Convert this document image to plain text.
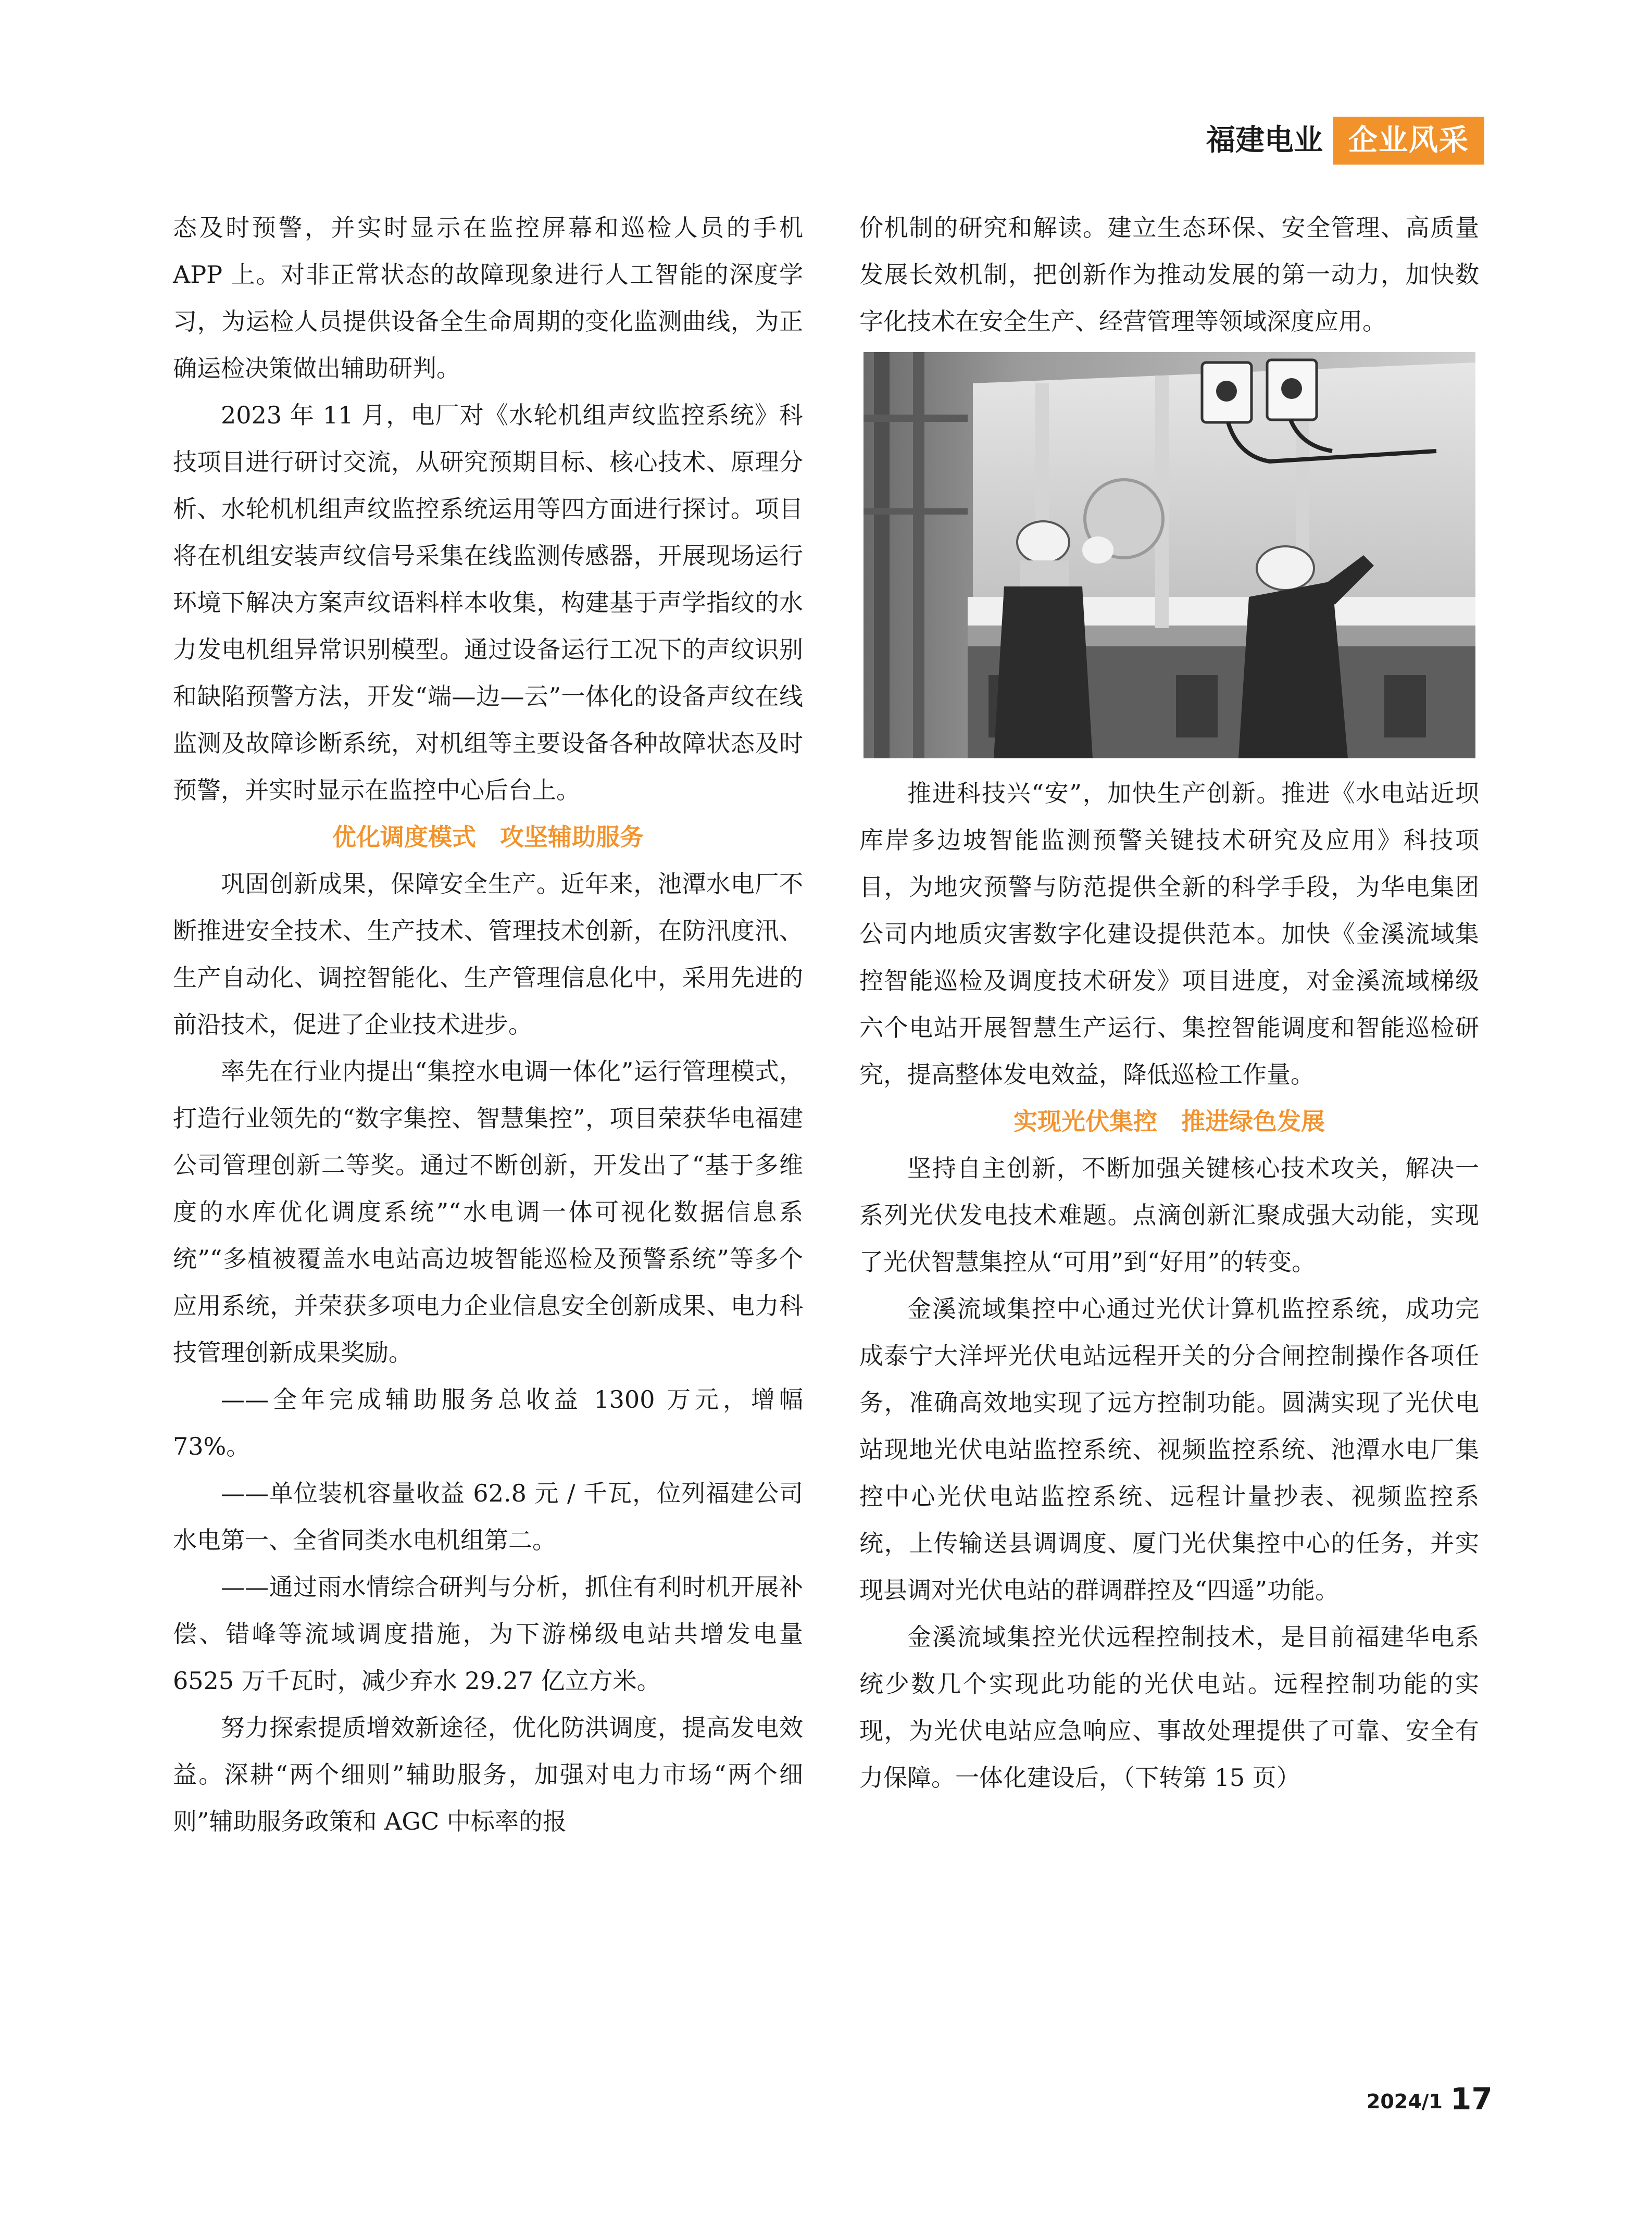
福建电业 企业风采

态及时预警，并实时显示在监控屏幕和巡检人员的手机 APP 上。对非正常状态的故障现象进行人工智能的深度学习，为运检人员提供设备全生命周期的变化监测曲线，为正确运检决策做出辅助研判。

2023 年 11 月，电厂对《水轮机组声纹监控系统》科技项目进行研讨交流，从研究预期目标、核心技术、原理分析、水轮机机组声纹监控系统运用等四方面进行探讨。项目将在机组安装声纹信号采集在线监测传感器，开展现场运行环境下解决方案声纹语料样本收集，构建基于声学指纹的水力发电机组异常识别模型。通过设备运行工况下的声纹识别和缺陷预警方法，开发“端—边—云”一体化的设备声纹在线监测及故障诊断系统，对机组等主要设备各种故障状态及时预警，并实时显示在监控中心后台上。

优化调度模式　攻坚辅助服务

巩固创新成果，保障安全生产。近年来，池潭水电厂不断推进安全技术、生产技术、管理技术创新，在防汛度汛、生产自动化、调控智能化、生产管理信息化中，采用先进的前沿技术，促进了企业技术进步。

率先在行业内提出“集控水电调一体化”运行管理模式，打造行业领先的“数字集控、智慧集控”，项目荣获华电福建公司管理创新二等奖。通过不断创新，开发出了“基于多维度的水库优化调度系统”“水电调一体可视化数据信息系统”“多植被覆盖水电站高边坡智能巡检及预警系统”等多个应用系统，并荣获多项电力企业信息安全创新成果、电力科技管理创新成果奖励。

——全年完成辅助服务总收益 1300 万元，增幅 73%。

——单位装机容量收益 62.8 元 / 千瓦，位列福建公司水电第一、全省同类水电机组第二。

——通过雨水情综合研判与分析，抓住有利时机开展补偿、错峰等流域调度措施，为下游梯级电站共增发电量 6525 万千瓦时，减少弃水 29.27 亿立方米。

努力探索提质增效新途径，优化防洪调度，提高发电效益。深耕“两个细则”辅助服务，加强对电力市场“两个细则”辅助服务政策和 AGC 中标率的报

价机制的研究和解读。建立生态环保、安全管理、高质量发展长效机制，把创新作为推动发展的第一动力，加快数字化技术在安全生产、经营管理等领域深度应用。

推进科技兴“安”，加快生产创新。推进《水电站近坝库岸多边坡智能监测预警关键技术研究及应用》科技项目，为地灾预警与防范提供全新的科学手段，为华电集团公司内地质灾害数字化建设提供范本。加快《金溪流域集控智能巡检及调度技术研发》项目进度，对金溪流域梯级六个电站开展智慧生产运行、集控智能调度和智能巡检研究，提高整体发电效益，降低巡检工作量。

实现光伏集控　推进绿色发展

坚持自主创新，不断加强关键核心技术攻关，解决一系列光伏发电技术难题。点滴创新汇聚成强大动能，实现了光伏智慧集控从“可用”到“好用”的转变。

金溪流域集控中心通过光伏计算机监控系统，成功完成泰宁大洋坪光伏电站远程开关的分合闸控制操作各项任务，准确高效地实现了远方控制功能。圆满实现了光伏电站现地光伏电站监控系统、视频监控系统、池潭水电厂集控中心光伏电站监控系统、远程计量抄表、视频监控系统，上传输送县调调度、厦门光伏集控中心的任务，并实现县调对光伏电站的群调群控及“四遥”功能。

金溪流域集控光伏远程控制技术，是目前福建华电系统少数几个实现此功能的光伏电站。远程控制功能的实现，为光伏电站应急响应、事故处理提供了可靠、安全有力保障。一体化建设后，（下转第 15 页）

2024/1 17
